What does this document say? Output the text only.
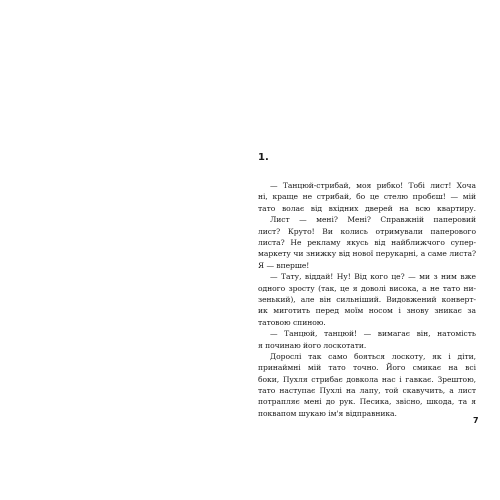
1.
— Танцюй-стрибай, моя рибко! Тобі лист! Хоча
ні, краще не стрибай, бо це стелю пробєш! — мій
тато волає від вхідних дверей на всю квартиру.
Лист — мені? Мені? Справжній паперовий
лист? Круто! Ви колись отримували паперового
листа? Не рекламу якусь від найближчого супер-
маркету чи знижку від нової перукарні, а саме листа?
Я — вперше!
— Тату, віддай! Ну! Від кого це? — ми з ним вже
одного зросту (так, це я доволі висока, а не тато ни-
зенький), але він сильніший. Видовжений конверт-
ик миготить перед моїм носом і знову зникає за
татовою спиною.
— Танцюй, танцюй! — вимагає він, натомість
я починаю його лоскотати.
Дорослі так само бояться лоскоту, як і діти,
принаймні мій тато точно. Його смикає на всі
боки, Пухля стрибає довкола нас і гавкає. Зрештою,
тато наступає Пухлі на лапу, той скавучить, а лист
потрапляє мені до рук. Песика, звісно, шкода, та я
поквапом шукаю ім'я відправника.
7
